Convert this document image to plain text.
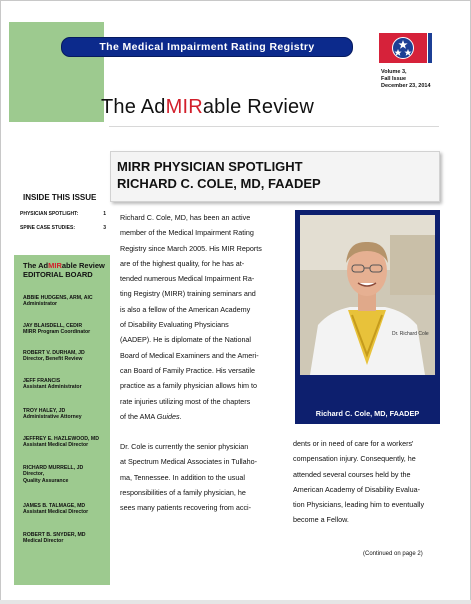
The Medical Impairment Rating Registry
Volume 3,
Fall Issue
December 23, 2014
The AdMIRable Review
MIRR PHYSICIAN SPOTLIGHT
RICHARD C. COLE, MD, FAADEP
INSIDE THIS ISSUE
PHYSICIAN SPOTLIGHT:	1
SPINE CASE STUDIES:	3
The AdMIRable Review
EDITORIAL BOARD
ABBIE HUDGENS, ARM, AIC
Administrator
JAY BLAISDELL, CEDIR
MIRR Program Coordinator
ROBERT V. DURHAM, JD
Director, Benefit Review
JEFF FRANCIS
Assistant Administrator
TROY HALEY, JD
Administrative Attorney
JEFFREY E. HAZLEWOOD, MD
Assistant Medical Director
RICHARD MURRELL, JD
Director,
Quality Assurance
JAMES B. TALMAGE, MD
Assistant Medical Director
ROBERT B. SNYDER, MD
Medical Director
Richard C. Cole, MD, has been an active
member of the Medical Impairment Rating
Registry since March 2005. His MIR Reports
are of the highest quality, for he has at-
tended numerous Medical Impairment Ra-
ting Registry (MIRR) training seminars and
is also a fellow of the American Academy
of Disability Evaluating Physicians
(AADEP). He is diplomate of the National
Board of Medical Examiners and the Ameri-
can Board of Family Practice. His versatile
practice as a family physician allows him to
rate injuries utilizing most of the chapters
of the AMA Guides.
Dr. Cole is currently the senior physician
at Spectrum Medical Associates in Tullaho-
ma, Tennessee. In addition to the usual
responsibilities of a family physician, he
sees many patients recovering from acci-
Dr. Richard Cole
Richard C. Cole, MD, FAADEP
dents or in need of care for a workers'
compensation injury. Consequently, he
attended several courses held by the
American Academy of Disability Evalua-
tion Physicians, leading him to eventually
become a Fellow.
(Continued on page 2)
